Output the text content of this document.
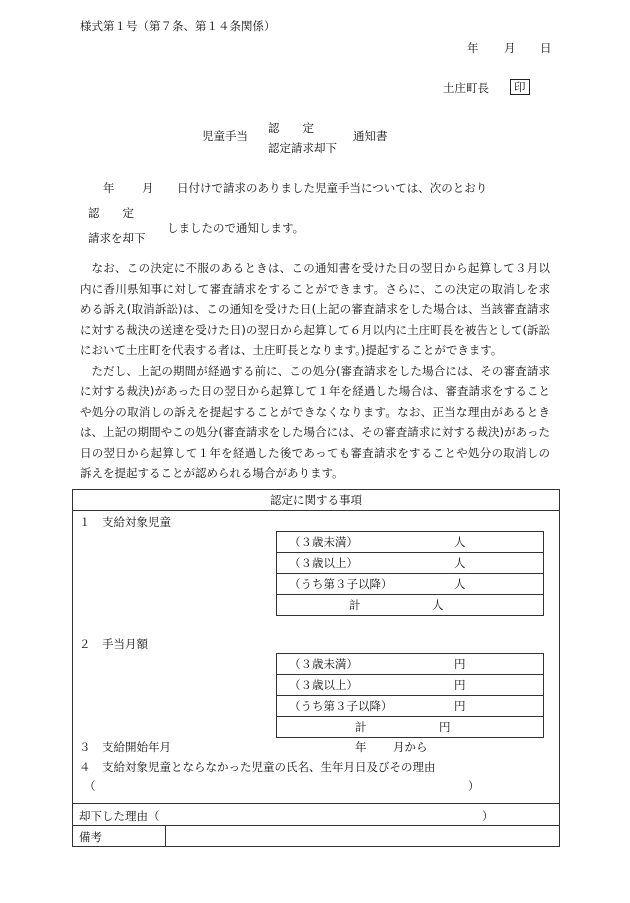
様式第１号（第７条、第１４条関係）
年 月 日
土庄町長	印
児童手当
認　　定
認定請求却下
通知書
年 月 日付けで請求のありました児童手当については、次のとおり
認　　定
請求を却下
しましたので通知します。

なお、この決定に不服のあるときは、この通知書を受けた日の翌日から起算して３月以内に香川県知事に対して審査請求をすることができます。さらに、この決定の取消しを求める訴え(取消訴訟)は、この通知を受けた日(上記の審査請求をした場合は、当該審査請求に対する裁決の送達を受けた日)の翌日から起算して６月以内に土庄町長を被告として(訴訟において土庄町を代表する者は、土庄町長となります。)提起することができます。

ただし、上記の期間が経過する前に、この処分(審査請求をした場合には、その審査請求に対する裁決)があった日の翌日から起算して１年を経過した場合は、審査請求をすることや処分の取消しの訴えを提起することができなくなります。なお、正当な理由があるときは、上記の期間やこの処分(審査請求をした場合には、その審査請求に対する裁決)があった日の翌日から起算して１年を経過した後であっても審査請求をすることや処分の取消しの訴えを提起することが認められる場合があります。

認定に関する事項
１　支給対象児童
（３歳未満）	人

（３歳以上）	人

（うち第３子以降）	人

計	人
２　手当月額
（３歳未満）	円

（３歳以上）	円

（うち第３子以降）	円

計	円
３　支給開始年月	年 月から
４　支給対象児童とならなかった児童の氏名、生年月日及びその理由
（	）
却下した理由（	）
備考
